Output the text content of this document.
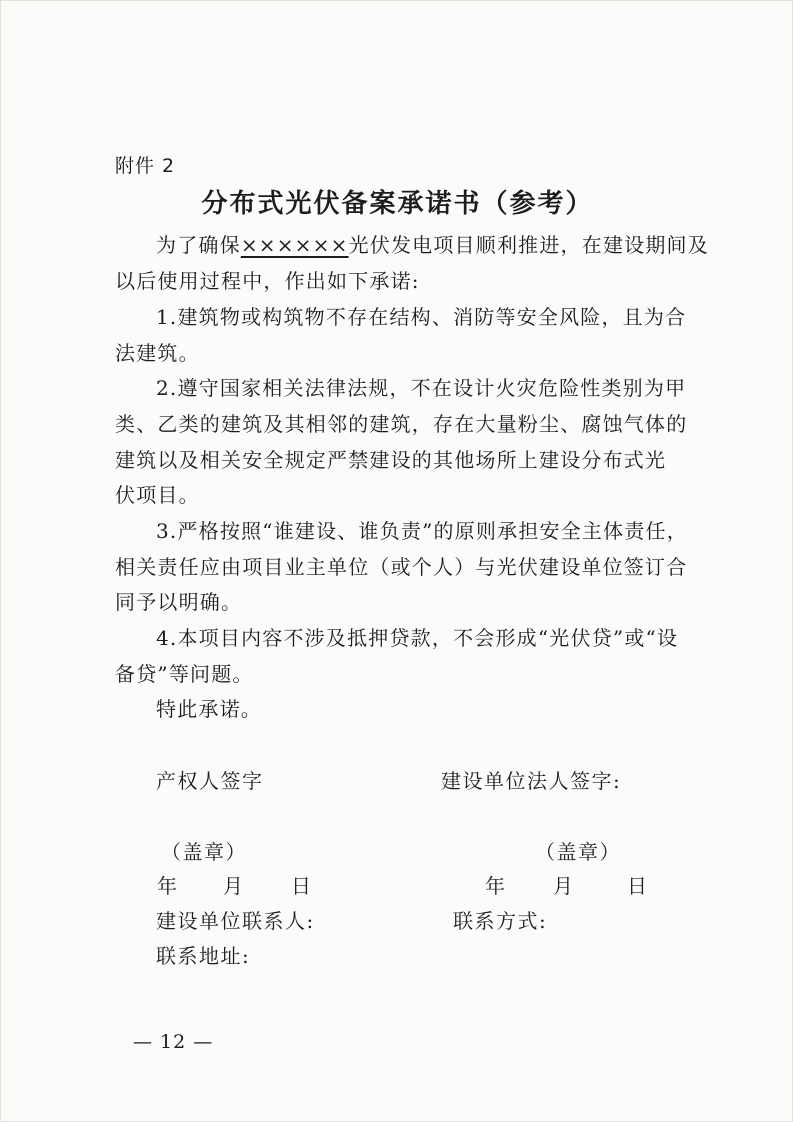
附件 2
分布式光伏备案承诺书（参考）
为了确保××××××光伏发电项目顺利推进，在建设期间及
以后使用过程中，作出如下承诺:
1.建筑物或构筑物不存在结构、消防等安全风险，且为合
法建筑。
2.遵守国家相关法律法规，不在设计火灾危险性类别为甲
类、乙类的建筑及其相邻的建筑，存在大量粉尘、腐蚀气体的
建筑以及相关安全规定严禁建设的其他场所上建设分布式光
伏项目。
3.严格按照“谁建设、谁负责”的原则承担安全主体责任，
相关责任应由项目业主单位（或个人）与光伏建设单位签订合
同予以明确。
4.本项目内容不涉及抵押贷款，不会形成“光伏贷”或“设
备贷”等问题。
特此承诺。
产权人签字	建设单位法人签字:
（盖章）	（盖章）
年 月 日	年 月	日
建设单位联系人:	联系方式:
联系地址:
— 12 —
